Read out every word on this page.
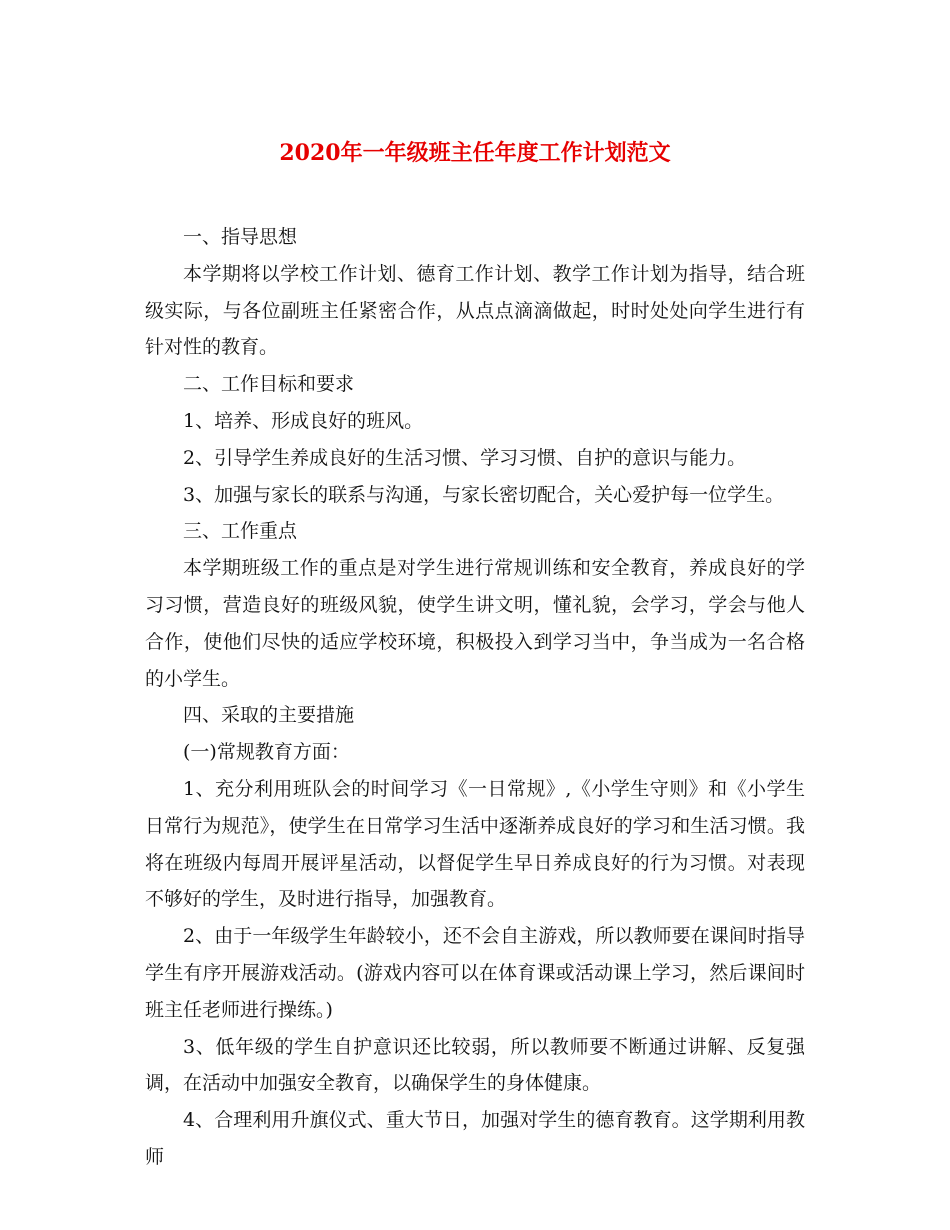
2020年一年级班主任年度工作计划范文

一、指导思想

本学期将以学校工作计划、德育工作计划、教学工作计划为指导，结合班级实际，与各位副班主任紧密合作，从点点滴滴做起，时时处处向学生进行有针对性的教育。

二、工作目标和要求

1、培养、形成良好的班风。

2、引导学生养成良好的生活习惯、学习习惯、自护的意识与能力。

3、加强与家长的联系与沟通，与家长密切配合，关心爱护每一位学生。

三、工作重点

本学期班级工作的重点是对学生进行常规训练和安全教育，养成良好的学习习惯，营造良好的班级风貌，使学生讲文明，懂礼貌，会学习，学会与他人合作，使他们尽快的适应学校环境，积极投入到学习当中，争当成为一名合格的小学生。

四、采取的主要措施

(一)常规教育方面：

1、充分利用班队会的时间学习《一日常规》,《小学生守则》和《小学生日常行为规范》，使学生在日常学习生活中逐渐养成良好的学习和生活习惯。我将在班级内每周开展评星活动，以督促学生早日养成良好的行为习惯。对表现不够好的学生，及时进行指导，加强教育。

2、由于一年级学生年龄较小，还不会自主游戏，所以教师要在课间时指导学生有序开展游戏活动。(游戏内容可以在体育课或活动课上学习，然后课间时班主任老师进行操练。)

3、低年级的学生自护意识还比较弱，所以教师要不断通过讲解、反复强调，在活动中加强安全教育，以确保学生的身体健康。

4、合理利用升旗仪式、重大节日，加强对学生的德育教育。这学期利用教师
